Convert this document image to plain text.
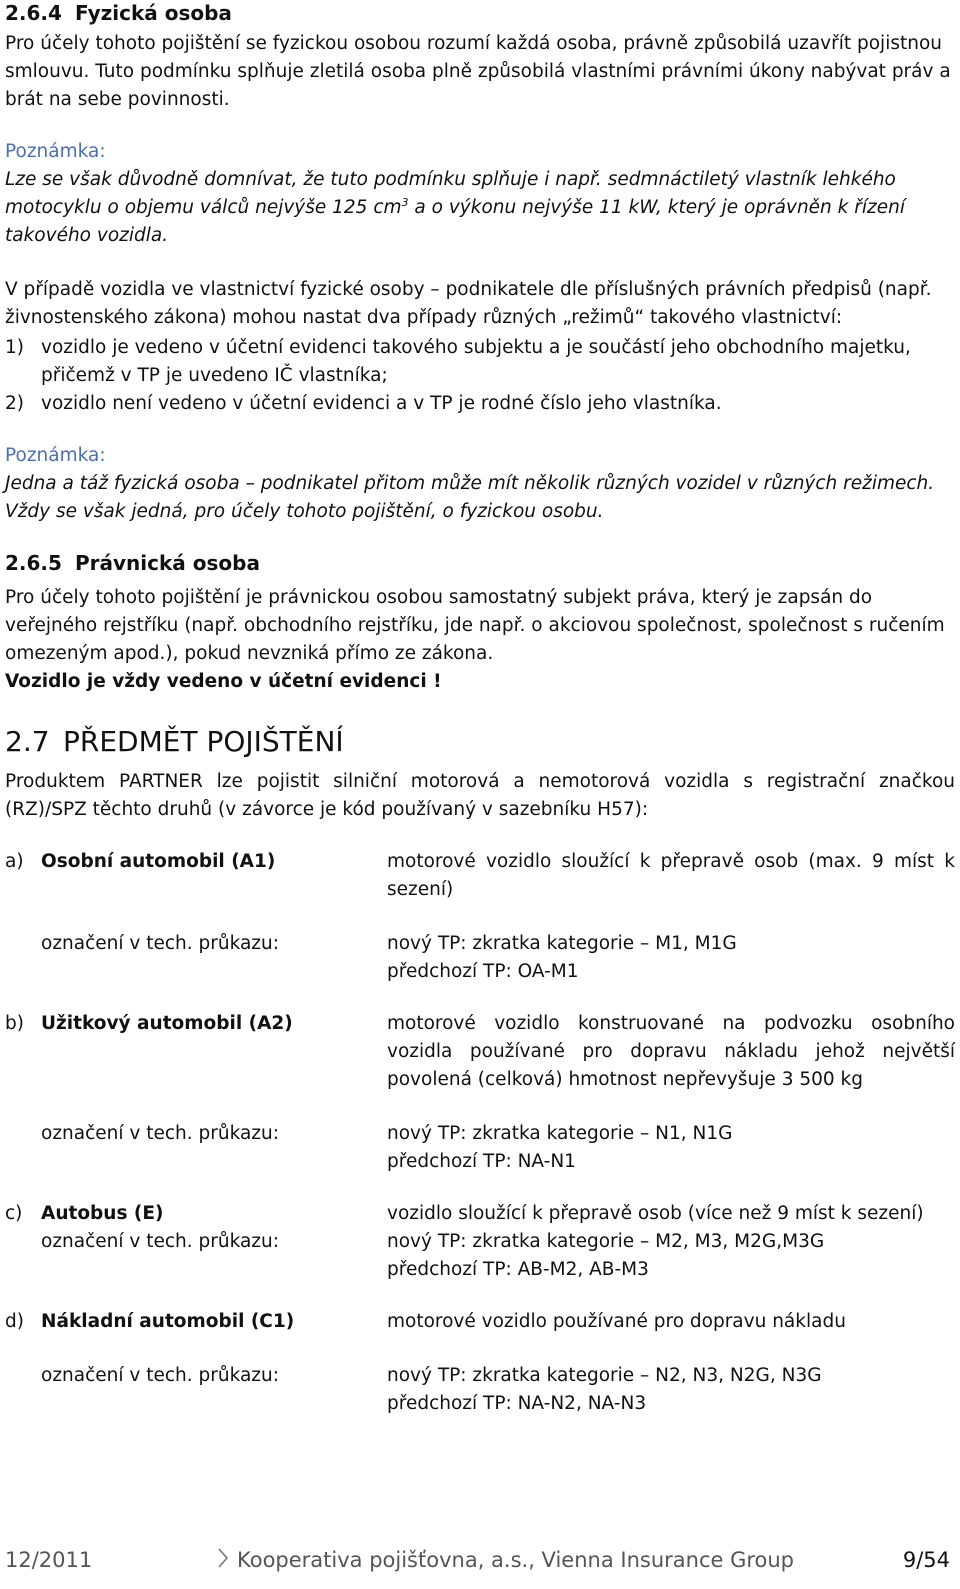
2.6.4 Fyzická osoba
Pro účely tohoto pojištění se fyzickou osobou rozumí každá osoba, právně způsobilá uzavřít pojistnou smlouvu. Tuto podmínku splňuje zletilá osoba plně způsobilá vlastními právními úkony nabývat práv a brát na sebe povinnosti.
Poznámka:
Lze se však důvodně domnívat, že tuto podmínku splňuje i např. sedmnáctiletý vlastník lehkého motocyklu o objemu válců nejvýše 125 $cm^3$ a o výkonu nejvýše 11 kW, který je oprávněn k řízení takového vozidla.
V případě vozidla ve vlastnictví fyzické osoby – podnikatele dle příslušných právních předpisů (např. živnostenského zákona) mohou nastat dva případy různých „režimů“ takového vlastnictví:
1) vozidlo je vedeno v účetní evidenci takového subjektu a je součástí jeho obchodního majetku, přičemž v TP je uvedeno IČ vlastníka;
2) vozidlo není vedeno v účetní evidenci a v TP je rodné číslo jeho vlastníka.
Poznámka:
Jedna a táž fyzická osoba – podnikatel přitom může mít několik různých vozidel v různých režimech. Vždy se však jedná, pro účely tohoto pojištění, o fyzickou osobu.
2.6.5 Právnická osoba
Pro účely tohoto pojištění je právnickou osobou samostatný subjekt práva, který je zapsán do veřejného rejstříku (např. obchodního rejstříku, jde např. o akciovou společnost, společnost s ručením omezeným apod.), pokud nevzniká přímo ze zákona.
Vozidlo je vždy vedeno v účetní evidenci !
2.7 PŘEDMĚT POJIŠTĚNÍ
Produktem PARTNER lze pojistit silniční motorová a nemotorová vozidla s registrační značkou (RZ)/SPZ těchto druhů (v závorce je kód používaný v sazebníku H57):
a) Osobní automobil (A1)	motorové vozidlo sloužící k přepravě osob (max. 9 míst k sezení)
označení v tech. průkazu:	nový TP: zkratka kategorie – M1, M1G
předchozí TP: OA-M1
b) Užitkový automobil (A2)	motorové vozidlo konstruované na podvozku osobního vozidla používané pro dopravu nákladu jehož největší povolená (celková) hmotnost nepřevyšuje 3 500 kg
označení v tech. průkazu:	nový TP: zkratka kategorie – N1, N1G
předchozí TP: NA-N1
c)	Autobus (E)	vozidlo sloužící k přepravě osob (více než 9 míst k sezení)
označení v tech. průkazu:	nový TP: zkratka kategorie – M2, M3, M2G,M3G
předchozí TP: AB-M2, AB-M3
d) Nákladní automobil (C1)	motorové vozidlo používané pro dopravu nákladu
označení v tech. průkazu:	nový TP: zkratka kategorie – N2, N3, N2G, N3G
předchozí TP: NA-N2, NA-N3
12/2011	Kooperativa pojišťovna, a.s., Vienna Insurance Group	9/54
